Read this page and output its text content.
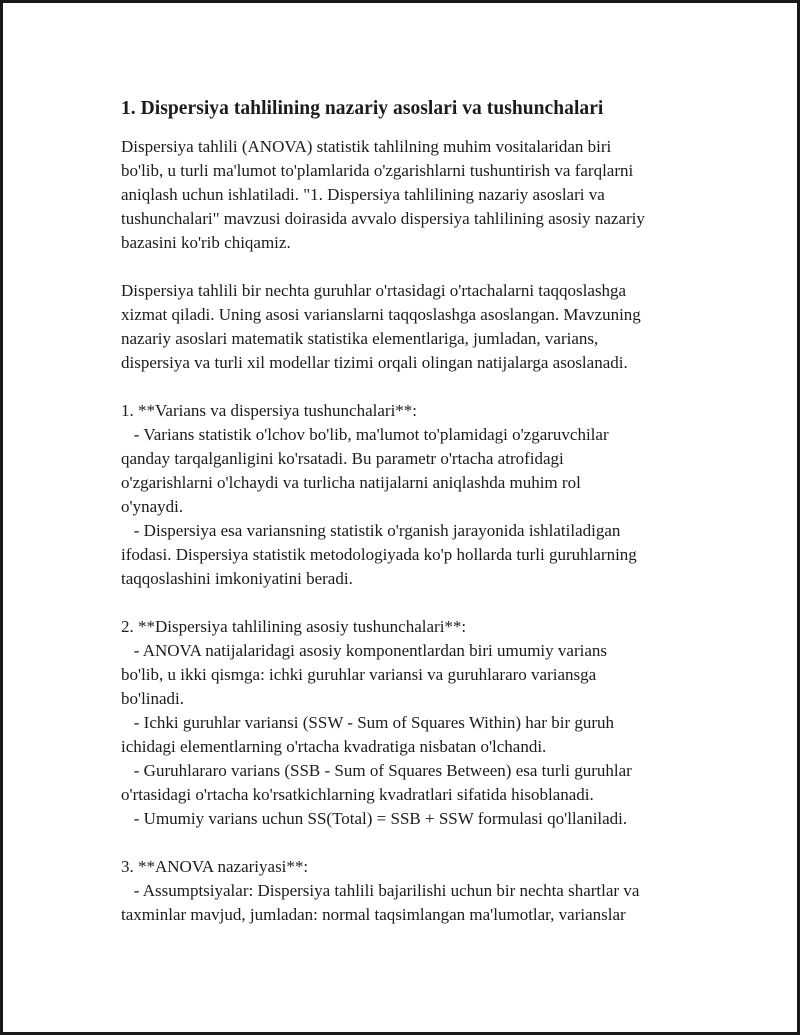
1. Dispersiya tahlilining nazariy asoslari va tushunchalari

Dispersiya tahlili (ANOVA) statistik tahlilning muhim vositalaridan biri

bo'lib, u turli ma'lumot to'plamlarida o'zgarishlarni tushuntirish va farqlarni

aniqlash uchun ishlatiladi. "1. Dispersiya tahlilining nazariy asoslari va

tushunchalari" mavzusi doirasida avvalo dispersiya tahlilining asosiy nazariy

bazasini ko'rib chiqamiz.

Dispersiya tahlili bir nechta guruhlar o'rtasidagi o'rtachalarni taqqoslashga

xizmat qiladi. Uning asosi varianslarni taqqoslashga asoslangan. Mavzuning

nazariy asoslari matematik statistika elementlariga, jumladan, varians,

dispersiya va turli xil modellar tizimi orqali olingan natijalarga asoslanadi.

1. **Varians va dispersiya tushunchalari**:

- Varians statistik o'lchov bo'lib, ma'lumot to'plamidagi o'zgaruvchilar

qanday tarqalganligini ko'rsatadi. Bu parametr o'rtacha atrofidagi

o'zgarishlarni o'lchaydi va turlicha natijalarni aniqlashda muhim rol

o'ynaydi.

- Dispersiya esa variansning statistik o'rganish jarayonida ishlatiladigan

ifodasi. Dispersiya statistik metodologiyada ko'p hollarda turli guruhlarning

taqqoslashini imkoniyatini beradi.

2. **Dispersiya tahlilining asosiy tushunchalari**:

- ANOVA natijalaridagi asosiy komponentlardan biri umumiy varians

bo'lib, u ikki qismga: ichki guruhlar variansi va guruhlararo variansga

bo'linadi.

- Ichki guruhlar variansi (SSW - Sum of Squares Within) har bir guruh

ichidagi elementlarning o'rtacha kvadratiga nisbatan o'lchandi.

- Guruhlararo varians (SSB - Sum of Squares Between) esa turli guruhlar

o'rtasidagi o'rtacha ko'rsatkichlarning kvadratlari sifatida hisoblanadi.

- Umumiy varians uchun SS(Total) = SSB + SSW formulasi qo'llaniladi.

3. **ANOVA nazariyasi**:

- Assumptsiyalar: Dispersiya tahlili bajarilishi uchun bir nechta shartlar va

taxminlar mavjud, jumladan: normal taqsimlangan ma'lumotlar, varianslar
